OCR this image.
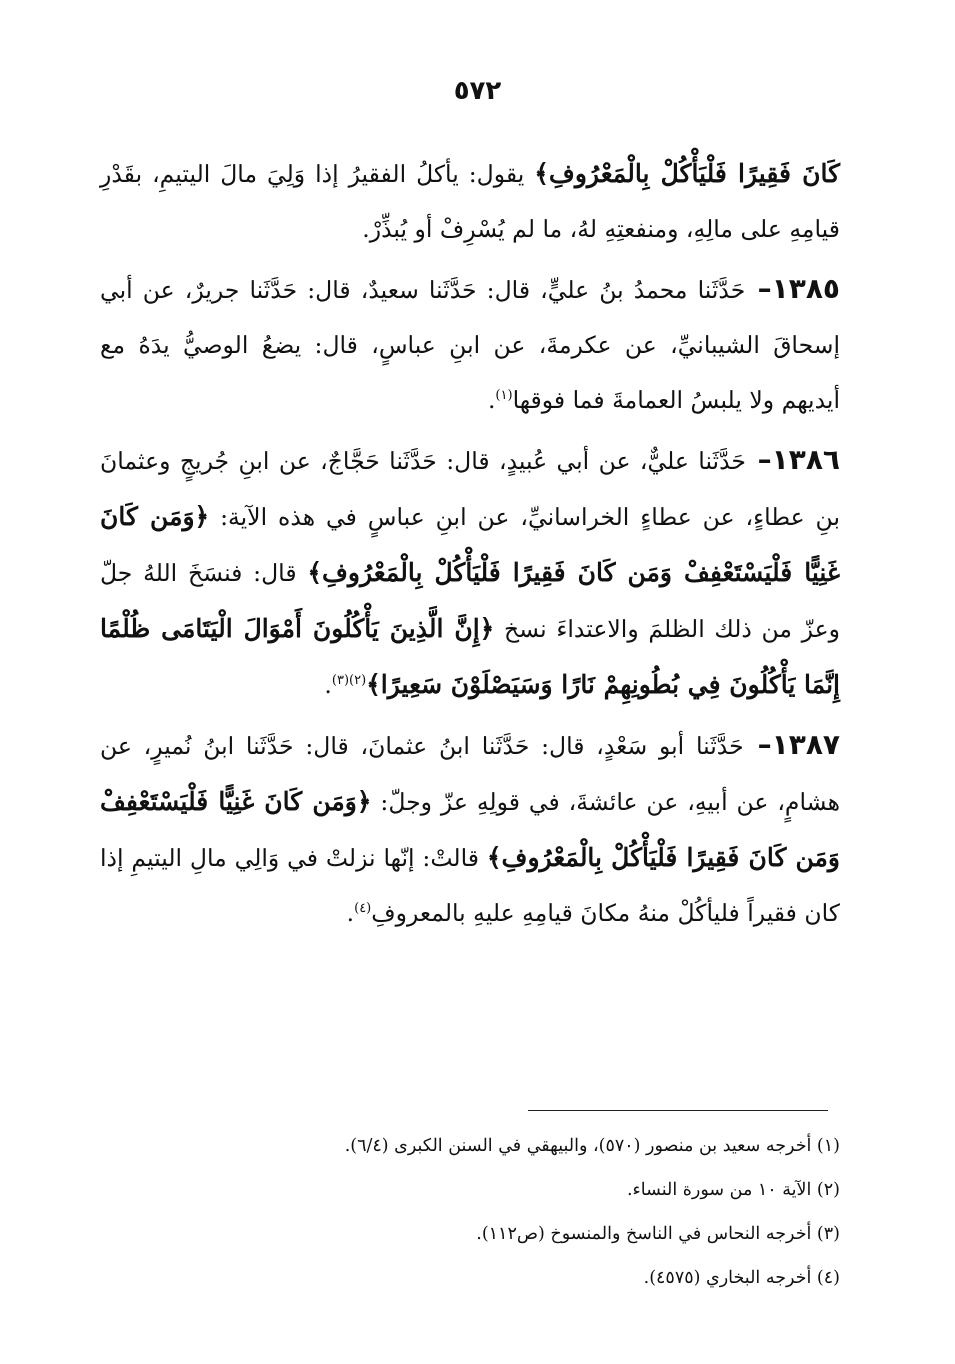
٥٧٢

كَانَ فَقِيرًا فَلْيَأْكُلْ بِالْمَعْرُوفِ﴾ يقول: يأكلُ الفقيرُ إذا وَلِيَ مالَ اليتيمِ، بقَدْرِ قيامِهِ على مالِهِ، ومنفعتِهِ لهُ، ما لم يُسْرِفْ أو يُبذِّرْ.

١٣٨٥– حَدَّثَنا محمدُ بنُ عليٍّ، قال: حَدَّثَنا سعيدٌ، قال: حَدَّثَنا جريرٌ، عن أبي إسحاقَ الشيبانيِّ، عن عكرمةَ، عن ابنِ عباسٍ، قال: يضعُ الوصيُّ يدَهُ مع أيديهم ولا يلبسُ العمامةَ فما فوقها$^{(١)}$.

١٣٨٦– حَدَّثَنا عليٌّ، عن أبي عُبيدٍ، قال: حَدَّثَنا حَجَّاجٌ، عن ابنِ جُريجٍ وعثمانَ بنِ عطاءٍ، عن عطاءٍ الخراسانيِّ، عن ابنِ عباسٍ في هذه الآية: ﴿وَمَن كَانَ غَنِيًّا فَلْيَسْتَعْفِفْ وَمَن كَانَ فَقِيرًا فَلْيَأْكُلْ بِالْمَعْرُوفِ﴾ قال: فنسَخَ اللهُ جلّ وعزّ من ذلك الظلمَ والاعتداءَ نسخ ﴿إِنَّ الَّذِينَ يَأْكُلُونَ أَمْوَالَ الْيَتَامَى ظُلْمًا إِنَّمَا يَأْكُلُونَ فِي بُطُونِهِمْ نَارًا وَسَيَصْلَوْنَ سَعِيرًا﴾$^{(٢)(٣)}$.

١٣٨٧– حَدَّثَنا أبو سَعْدٍ، قال: حَدَّثَنا ابنُ عثمانَ، قال: حَدَّثَنا ابنُ نُميرٍ، عن هشامٍ، عن أبيهِ، عن عائشةَ، في قولِهِ عزّ وجلّ: ﴿وَمَن كَانَ غَنِيًّا فَلْيَسْتَعْفِفْ وَمَن كَانَ فَقِيرًا فَلْيَأْكُلْ بِالْمَعْرُوفِ﴾ قالتْ: إنّها نزلتْ في وَالِي مالِ اليتيمِ إذا كان فقيراً فليأكُلْ منهُ مكانَ قيامِهِ عليهِ بالمعروفِ$^{(٤)}$.

(١) أخرجه سعيد بن منصور (٥٧٠)، والبيهقي في السنن الكبرى (٦/٤).

(٢) الآية ١٠ من سورة النساء.

(٣) أخرجه النحاس في الناسخ والمنسوخ (ص١١٢).

(٤) أخرجه البخاري (٤٥٧٥).
